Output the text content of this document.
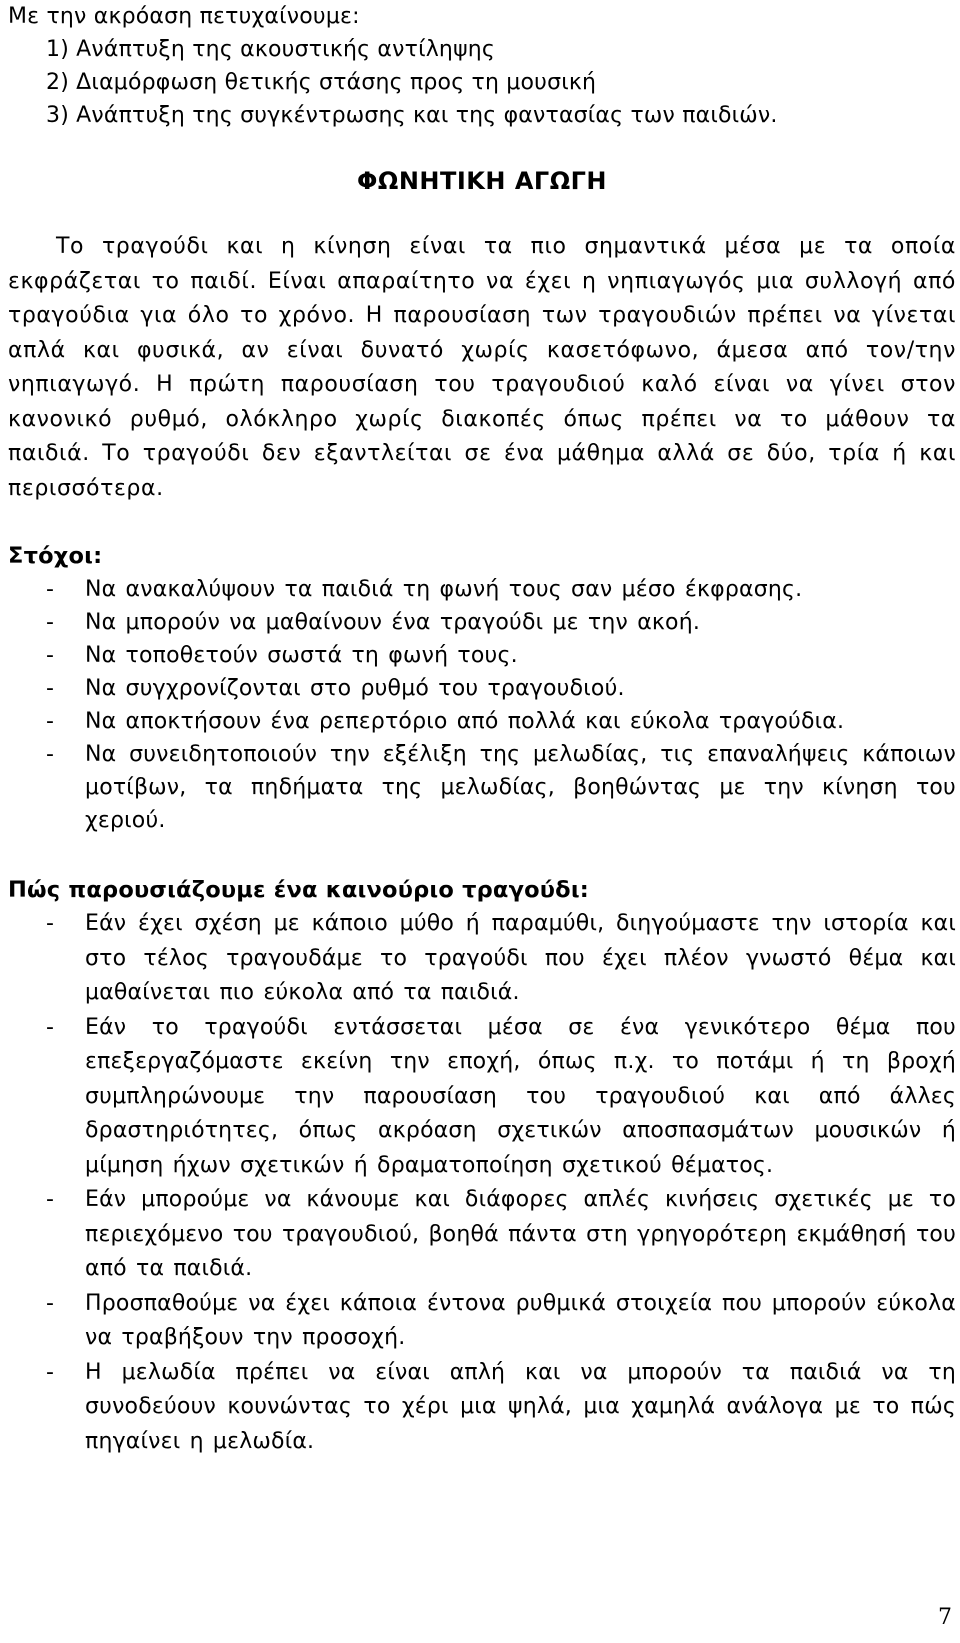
Με την ακρόαση πετυχαίνουμε:

1) Ανάπτυξη της ακουστικής αντίληψης
2) Διαμόρφωση θετικής στάσης προς τη μουσική
3) Ανάπτυξη της συγκέντρωσης και της φαντασίας των παιδιών.
ΦΩΝΗΤΙΚΗ ΑΓΩΓΗ

Το τραγούδι και η κίνηση είναι τα πιο σημαντικά μέσα με τα οποία εκφράζεται το παιδί. Είναι απαραίτητο να έχει η νηπιαγωγός μια συλλογή από τραγούδια για όλο το χρόνο. Η παρουσίαση των τραγουδιών πρέπει να γίνεται απλά και φυσικά, αν είναι δυνατό χωρίς κασετόφωνο, άμεσα από τον/την νηπιαγωγό. Η πρώτη παρουσίαση του τραγουδιού καλό είναι να γίνει στον κανονικό ρυθμό, ολόκληρο χωρίς διακοπές όπως πρέπει να το μάθουν τα παιδιά. Το τραγούδι δεν εξαντλείται σε ένα μάθημα αλλά σε δύο, τρία ή και περισσότερα.

Στόχοι:
- Να ανακαλύψουν τα παιδιά τη φωνή τους σαν μέσο έκφρασης.
- Να μπορούν να μαθαίνουν ένα τραγούδι με την ακοή.
- Να τοποθετούν σωστά τη φωνή τους.
- Να συγχρονίζονται στο ρυθμό του τραγουδιού.
- Να αποκτήσουν ένα ρεπερτόριο από πολλά και εύκολα τραγούδια.
- Να συνειδητοποιούν την εξέλιξη της μελωδίας, τις επαναλήψεις κάποιων μοτίβων, τα πηδήματα της μελωδίας, βοηθώντας με την κίνηση του χεριού.
Πώς παρουσιάζουμε ένα καινούριο τραγούδι:
- Εάν έχει σχέση με κάποιο μύθο ή παραμύθι, διηγούμαστε την ιστορία και στο τέλος τραγουδάμε το τραγούδι που έχει πλέον γνωστό θέμα και μαθαίνεται πιο εύκολα από τα παιδιά.
- Εάν το τραγούδι εντάσσεται μέσα σε ένα γενικότερο θέμα που επεξεργαζόμαστε εκείνη την εποχή, όπως π.χ. το ποτάμι ή τη βροχή συμπληρώνουμε την παρουσίαση του τραγουδιού και από άλλες δραστηριότητες, όπως ακρόαση σχετικών αποσπασμάτων μουσικών ή μίμηση ήχων σχετικών ή δραματοποίηση σχετικού θέματος.
- Εάν μπορούμε να κάνουμε και διάφορες απλές κινήσεις σχετικές με το περιεχόμενο του τραγουδιού, βοηθά πάντα στη γρηγορότερη εκμάθησή του από τα παιδιά.
- Προσπαθούμε να έχει κάποια έντονα ρυθμικά στοιχεία που μπορούν εύκολα να τραβήξουν την προσοχή.
- Η μελωδία πρέπει να είναι απλή και να μπορούν τα παιδιά να τη συνοδεύουν κουνώντας το χέρι μια ψηλά, μια χαμηλά ανάλογα με το πώς πηγαίνει η μελωδία.
7
